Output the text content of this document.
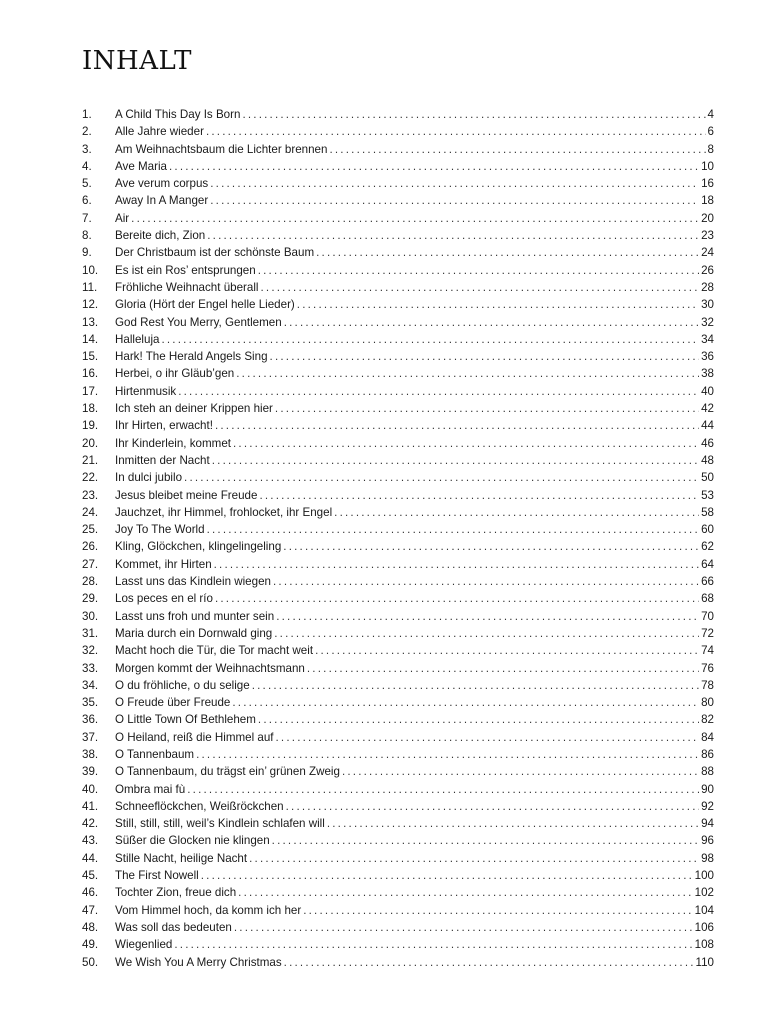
INHALT
1.	A Child This Day Is Born .....	4
2.	Alle Jahre wieder .....	6
3.	Am Weihnachtsbaum die Lichter brennen .....	8
4.	Ave Maria .....	10
5.	Ave verum corpus .....	16
6.	Away In A Manger .....	18
7.	Air .....	20
8.	Bereite dich, Zion .....	23
9.	Der Christbaum ist der schönste Baum .....	24
10.	Es ist ein Ros’ entsprungen .....	26
11.	Fröhliche Weihnacht überall .....	28
12.	Gloria (Hört der Engel helle Lieder) .....	30
13.	God Rest You Merry, Gentlemen .....	32
14.	Halleluja .....	34
15.	Hark! The Herald Angels Sing .....	36
16.	Herbei, o ihr Gläub’gen .....	38
17.	Hirtenmusik .....	40
18.	Ich steh an deiner Krippen hier .....	42
19.	Ihr Hirten, erwacht! .....	44
20.	Ihr Kinderlein, kommet .....	46
21.	Inmitten der Nacht .....	48
22.	In dulci jubilo .....	50
23.	Jesus bleibet meine Freude .....	53
24.	Jauchzet, ihr Himmel, frohlocket, ihr Engel .....	58
25.	Joy To The World .....	60
26.	Kling, Glöckchen, klingelingeling .....	62
27.	Kommet, ihr Hirten .....	64
28.	Lasst uns das Kindlein wiegen .....	66
29.	Los peces en el río .....	68
30.	Lasst uns froh und munter sein .....	70
31.	Maria durch ein Dornwald ging .....	72
32.	Macht hoch die Tür, die Tor macht weit .....	74
33.	Morgen kommt der Weihnachtsmann .....	76
34.	O du fröhliche, o du selige .....	78
35.	O Freude über Freude .....	80
36.	O Little Town Of Bethlehem .....	82
37.	O Heiland, reiß die Himmel auf .....	84
38.	O Tannenbaum .....	86
39.	O Tannenbaum, du trägst ein’ grünen Zweig .....	88
40.	Ombra mai fù .....	90
41.	Schneeflöckchen, Weißröckchen .....	92
42.	Still, still, still, weil’s Kindlein schlafen will .....	94
43.	Süßer die Glocken nie klingen .....	96
44.	Stille Nacht, heilige Nacht .....	98
45.	The First Nowell .....	100
46.	Tochter Zion, freue dich .....	102
47.	Vom Himmel hoch, da komm ich her .....	104
48.	Was soll das bedeuten .....	106
49.	Wiegenlied .....	108
50.	We Wish You A Merry Christmas .....	110
